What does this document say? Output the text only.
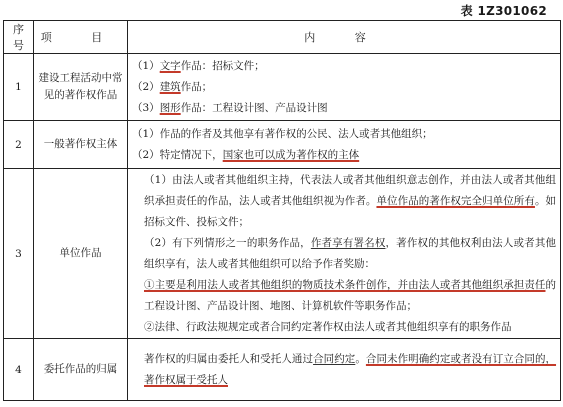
表 1Z301062
序号	项 目	内 容
1	建设工程活动中常见的著作权作品	（1）文字作品：招标文件；
（2）建筑作品；
（3）图形作品：工程设计图、产品设计图

2	一般著作权主体	（1）作品的作者及其他享有著作权的公民、法人或者其他组织；
（2）特定情况下，国家也可以成为著作权的主体

3	单位作品	（1）由法人或者其他组织主持，代表法人或者其他组织意志创作，并由法人或者其他组织承担责任的作品，法人或者其他组织视为作者。单位作品的著作权完全归单位所有。如招标文件、投标文件；
（2）有下列情形之一的职务作品，作者享有署名权，著作权的其他权利由法人或者其他组织享有，法人或者其他组织可以给予作者奖励：
①主要是利用法人或者其他组织的物质技术条件创作，并由法人或者其他组织承担责任的工程设计图、产品设计图、地图、计算机软件等职务作品；
②法律、行政法规规定或者合同约定著作权由法人或者其他组织享有的职务作品

4	委托作品的归属	著作权的归属由委托人和受托人通过合同约定。合同未作明确约定或者没有订立合同的，著作权属于受托人
